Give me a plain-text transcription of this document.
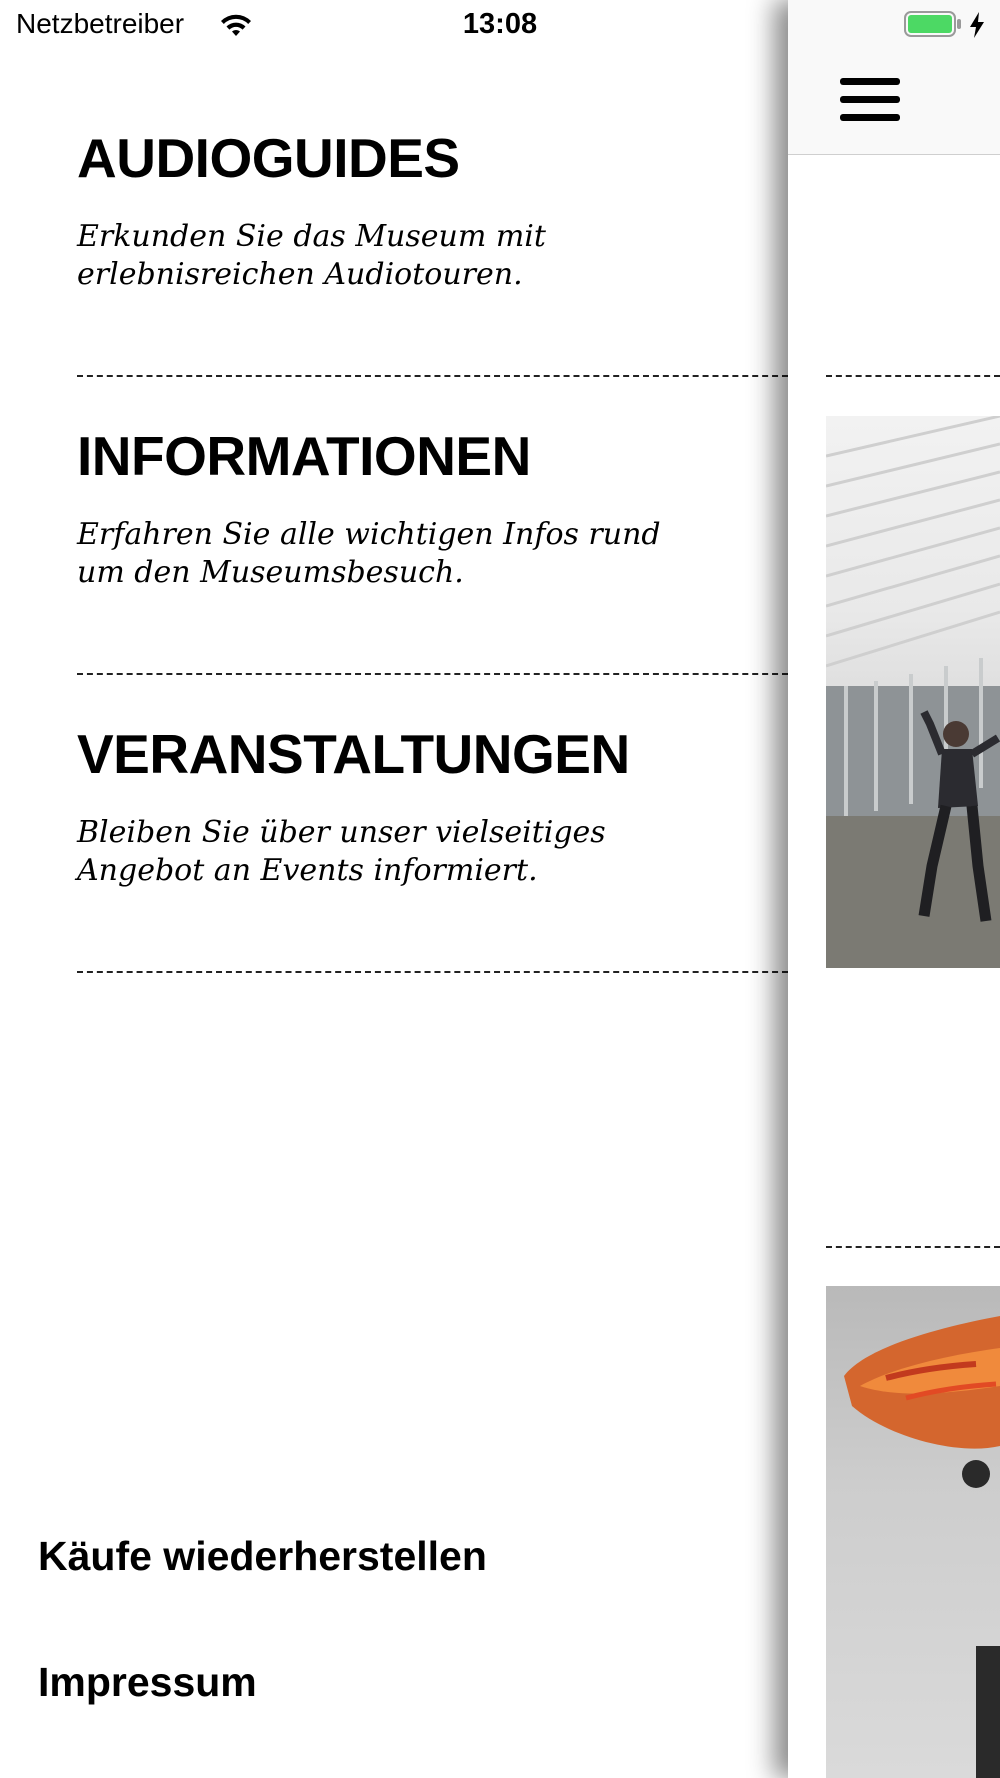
Netzbetreiber	13:08
AUDIOGUIDES
Erkunden Sie das Museum mit erlebnisreichen Audiotouren.
INFORMATIONEN
Erfahren Sie alle wichtigen Infos rund um den Museumsbesuch.
VERANSTALTUNGEN
Bleiben Sie über unser vielseitiges Angebot an Events informiert.
Käufe wiederherstellen
Impressum
